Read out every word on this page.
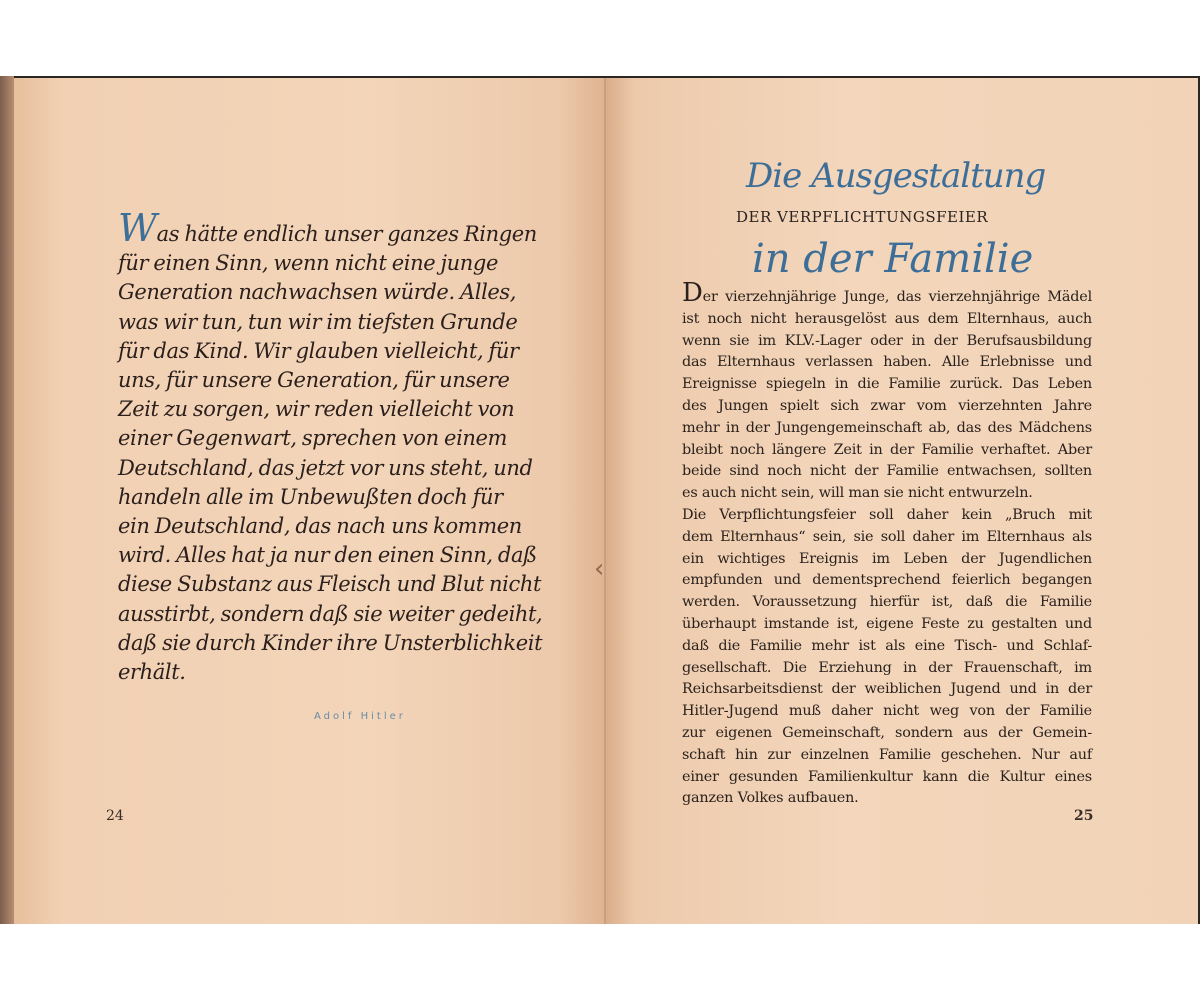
Was hätte endlich unser ganzes Ringen
für einen Sinn, wenn nicht eine junge
Generation nachwachsen würde. Alles,
was wir tun, tun wir im tiefsten Grunde
für das Kind. Wir glauben vielleicht, für
uns, für unsere Generation, für unsere
Zeit zu sorgen, wir reden vielleicht von
einer Gegenwart, sprechen von einem
Deutschland, das jetzt vor uns steht, und
handeln alle im Unbewußten doch für
ein Deutschland, das nach uns kommen
wird. Alles hat ja nur den einen Sinn, daß
diese Substanz aus Fleisch und Blut nicht
ausstirbt, sondern daß sie weiter gedeiht,
daß sie durch Kinder ihre Unsterblichkeit
erhält.
Adolf Hitler
24
‹
Die Ausgestaltung
DER VERPFLICHTUNGSFEIER
in der Familie
Der vierzehnjährige Junge, das vierzehnjährige Mädel
ist noch nicht herausgelöst aus dem Elternhaus, auch
wenn sie im KLV.-Lager oder in der Berufsausbildung
das Elternhaus verlassen haben. Alle Erlebnisse und
Ereignisse spiegeln in die Familie zurück. Das Leben
des Jungen spielt sich zwar vom vierzehnten Jahre
mehr in der Jungengemeinschaft ab, das des Mädchens
bleibt noch längere Zeit in der Familie verhaftet. Aber
beide sind noch nicht der Familie entwachsen, sollten
es auch nicht sein, will man sie nicht entwurzeln.
Die Verpflichtungsfeier soll daher kein „Bruch mit
dem Elternhaus“ sein, sie soll daher im Elternhaus als
ein wichtiges Ereignis im Leben der Jugendlichen
empfunden und dementsprechend feierlich begangen
werden. Voraussetzung hierfür ist, daß die Familie
überhaupt imstande ist, eigene Feste zu gestalten und
daß die Familie mehr ist als eine Tisch- und Schlaf-
gesellschaft. Die Erziehung in der Frauenschaft, im
Reichsarbeitsdienst der weiblichen Jugend und in der
Hitler-Jugend muß daher nicht weg von der Familie
zur eigenen Gemeinschaft, sondern aus der Gemein-
schaft hin zur einzelnen Familie geschehen. Nur auf
einer gesunden Familienkultur kann die Kultur eines
ganzen Volkes aufbauen.
25
